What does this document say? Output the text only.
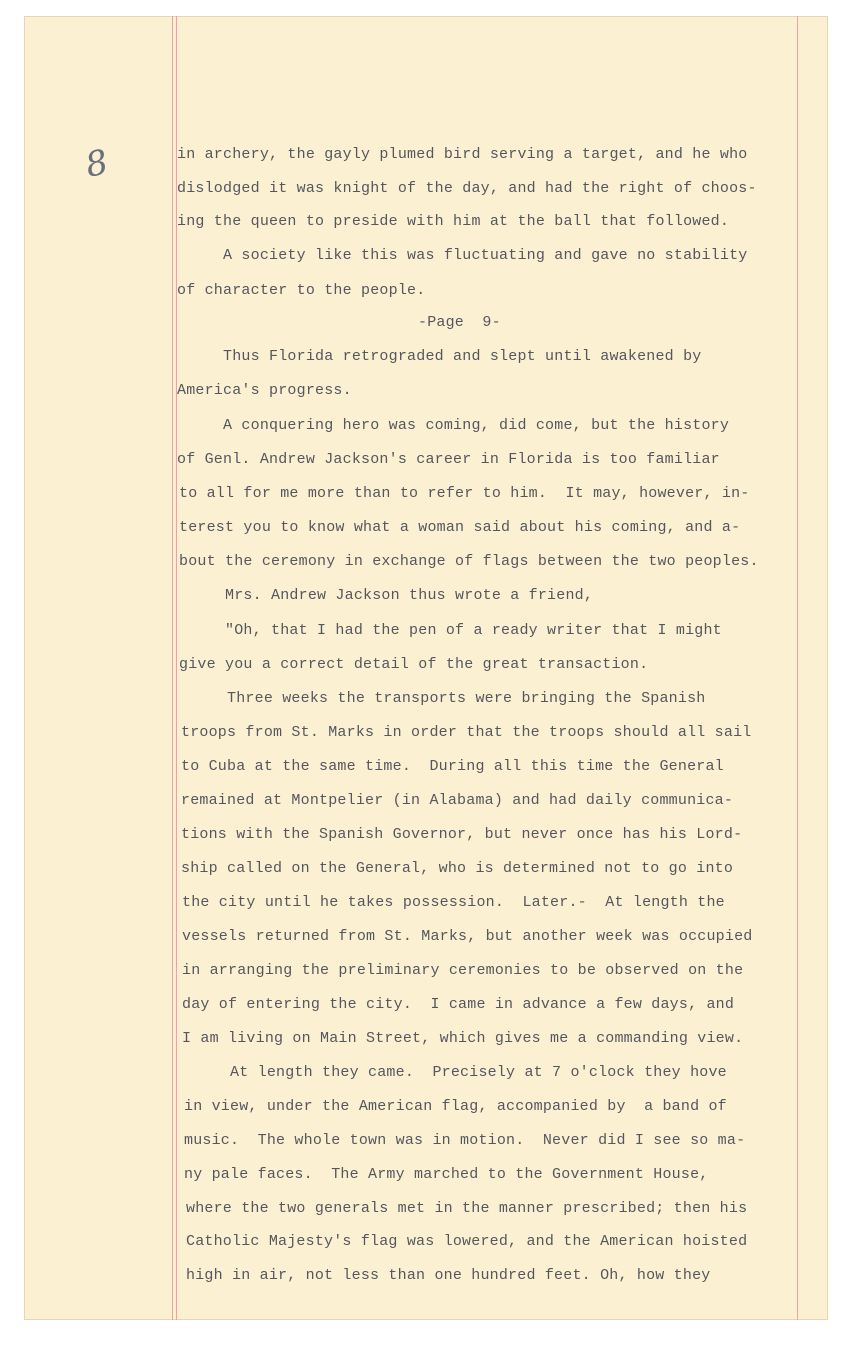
8	in archery, the gayly plumed bird serving a target, and he who
dislodged it was knight of the day, and had the right of choos-
ing the queen to preside with him at the ball that followed.
A society like this was fluctuating and gave no stability
of character to the people.
-Page  9-
Thus Florida retrograded and slept until awakened by
America's progress.
A conquering hero was coming, did come, but the history
of Genl. Andrew Jackson's career in Florida is too familiar
to all for me more than to refer to him.  It may, however, in-
terest you to know what a woman said about his coming, and a-
bout the ceremony in exchange of flags between the two peoples.
Mrs. Andrew Jackson thus wrote a friend,
"Oh, that I had the pen of a ready writer that I might
give you a correct detail of the great transaction.
Three weeks the transports were bringing the Spanish
troops from St. Marks in order that the troops should all sail
to Cuba at the same time.  During all this time the General
remained at Montpelier (in Alabama) and had daily communica-
tions with the Spanish Governor, but never once has his Lord-
ship called on the General, who is determined not to go into
the city until he takes possession.  Later.-  At length the
vessels returned from St. Marks, but another week was occupied
in arranging the preliminary ceremonies to be observed on the
day of entering the city.  I came in advance a few days, and
I am living on Main Street, which gives me a commanding view.
At length they came.  Precisely at 7 o'clock they hove
in view, under the American flag, accompanied by  a band of
music.  The whole town was in motion.  Never did I see so ma-
ny pale faces.  The Army marched to the Government House,
where the two generals met in the manner prescribed; then his
Catholic Majesty's flag was lowered, and the American hoisted
high in air, not less than one hundred feet. Oh, how they
